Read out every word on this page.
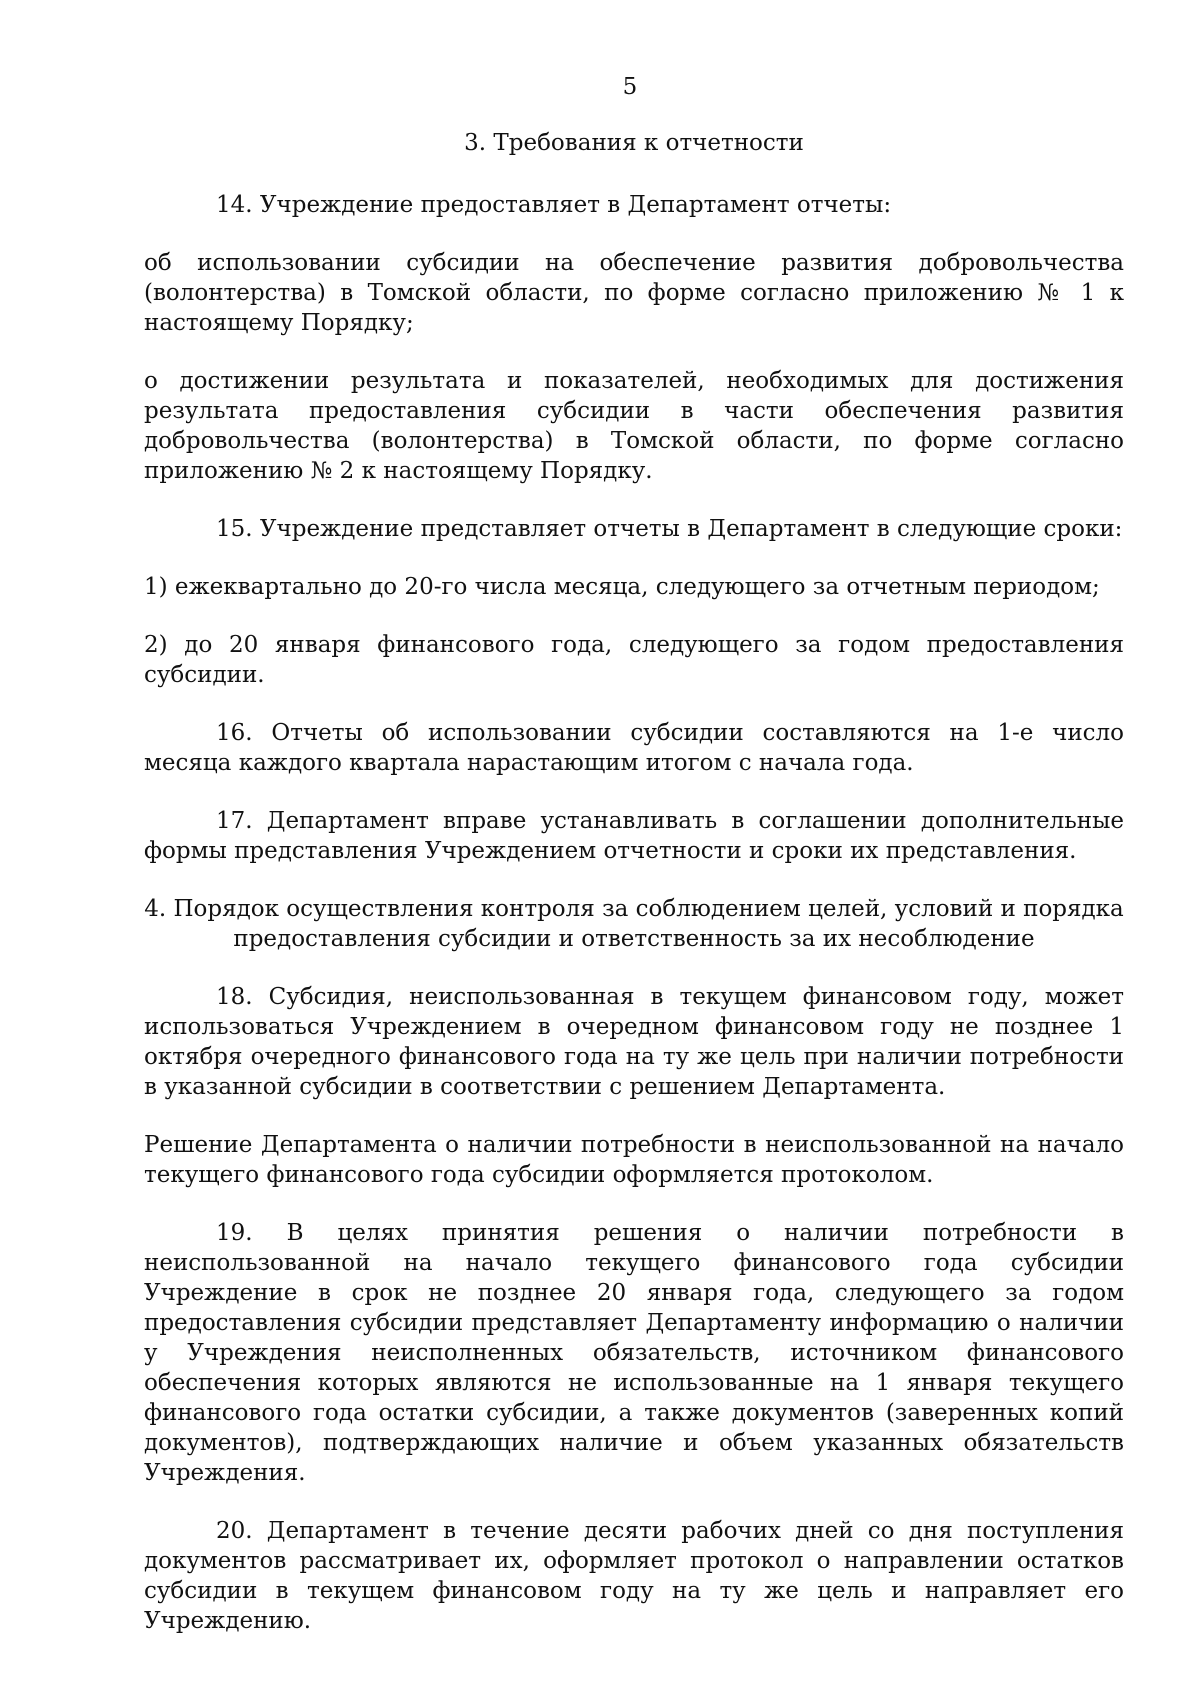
5
3. Требования к отчетности

14. Учреждение предоставляет в Департамент отчеты:

об использовании субсидии на обеспечение развития добровольчества (волонтерства) в Томской области, по форме согласно приложению № 1 к настоящему Порядку;

о достижении результата и показателей, необходимых для достижения результата предоставления субсидии в части обеспечения развития добровольчества (волонтерства) в Томской области, по форме согласно приложению № 2 к настоящему Порядку.

15. Учреждение представляет отчеты в Департамент в следующие сроки:

1) ежеквартально до 20-го числа месяца, следующего за отчетным периодом;

2) до 20 января финансового года, следующего за годом предоставления субсидии.

16. Отчеты об использовании субсидии составляются на 1-е число месяца каждого квартала нарастающим итогом с начала года.

17. Департамент вправе устанавливать в соглашении дополнительные формы представления Учреждением отчетности и сроки их представления.

4. Порядок осуществления контроля за соблюдением целей, условий и порядка
предоставления субсидии и ответственность за их несоблюдение

18. Субсидия, неиспользованная в текущем финансовом году, может использоваться Учреждением в очередном финансовом году не позднее 1 октября очередного финансового года на ту же цель при наличии потребности в указанной субсидии в соответствии с решением Департамента.

Решение Департамента о наличии потребности в неиспользованной на начало текущего финансового года субсидии оформляется протоколом.

19. В целях принятия решения о наличии потребности в неиспользованной на начало текущего финансового года субсидии Учреждение в срок не позднее 20 января года, следующего за годом предоставления субсидии представляет Департаменту информацию о наличии у Учреждения неисполненных обязательств, источником финансового обеспечения которых являются не использованные на 1 января текущего финансового года остатки субсидии, а также документов (заверенных копий документов), подтверждающих наличие и объем указанных обязательств Учреждения.

20. Департамент в течение десяти рабочих дней со дня поступления документов рассматривает их, оформляет протокол о направлении остатков субсидии в текущем финансовом году на ту же цель и направляет его Учреждению.
